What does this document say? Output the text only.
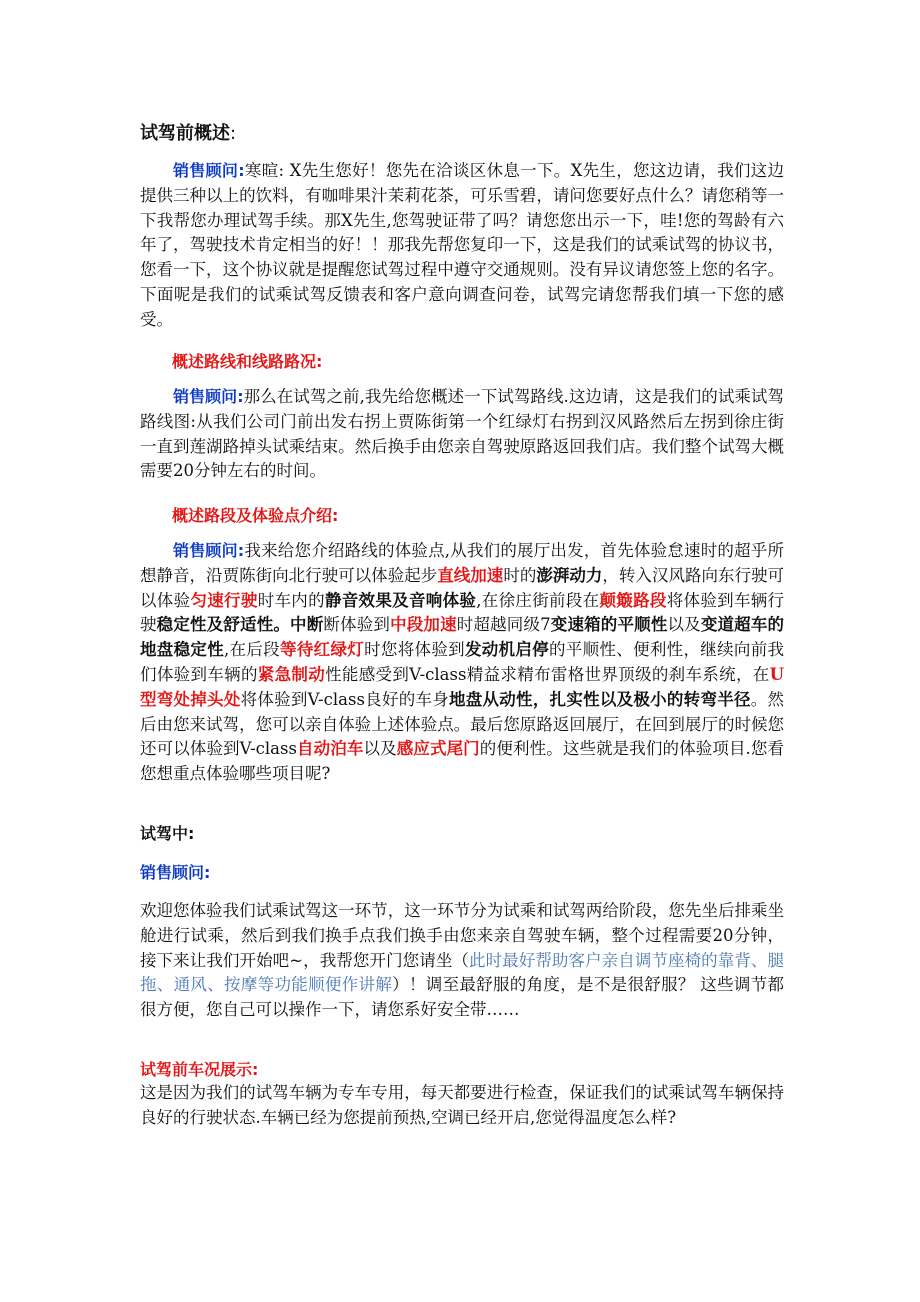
试驾前概述:

销售顾问:寒暄: X先生您好！您先在洽谈区休息一下。X先生，您这边请，我们这边提供三种以上的饮料，有咖啡果汁茉莉花茶，可乐雪碧，请问您要好点什么？请您稍等一下我帮您办理试驾手续。那X先生,您驾驶证带了吗？请您您出示一下，哇!您的驾龄有六年了，驾驶技术肯定相当的好！！那我先帮您复印一下，这是我们的试乘试驾的协议书，您看一下，这个协议就是提醒您试驾过程中遵守交通规则。没有异议请您签上您的名字。下面呢是我们的试乘试驾反馈表和客户意向调查问卷，试驾完请您帮我们填一下您的感受。

概述路线和线路路况:

销售顾问:那么在试驾之前,我先给您概述一下试驾路线.这边请，这是我们的试乘试驾路线图:从我们公司门前出发右拐上贾陈街第一个红绿灯右拐到汉风路然后左拐到徐庄街一直到莲湖路掉头试乘结束。然后换手由您亲自驾驶原路返回我们店。我们整个试驾大概需要20分钟左右的时间。

概述路段及体验点介绍:

销售顾问:我来给您介绍路线的体验点,从我们的展厅出发，首先体验怠速时的超乎所想静音，沿贾陈街向北行驶可以体验起步直线加速时的澎湃动力，转入汉风路向东行驶可以体验匀速行驶时车内的静音效果及音响体验,在徐庄街前段在颠簸路段将体验到车辆行驶稳定性及舒适性。中断断体验到中段加速时超越同级7变速箱的平顺性以及变道超车的地盘稳定性,在后段等待红绿灯时您将体验到发动机启停的平顺性、便利性，继续向前我们体验到车辆的紧急制动性能感受到V-class精益求精布雷格世界顶级的刹车系统，在U型弯处掉头处将体验到V-class良好的车身地盘从动性，扎实性以及极小的转弯半径。然后由您来试驾，您可以亲自体验上述体验点。最后您原路返回展厅，在回到展厅的时候您还可以体验到V-class自动泊车以及感应式尾门的便利性。这些就是我们的体验项目.您看您想重点体验哪些项目呢?

试驾中:
销售顾问:

欢迎您体验我们试乘试驾这一环节，这一环节分为试乘和试驾两给阶段，您先坐后排乘坐舱进行试乘，然后到我们换手点我们换手由您来亲自驾驶车辆，整个过程需要20分钟，接下来让我们开始吧~，我帮您开门您请坐（此时最好帮助客户亲自调节座椅的靠背、腿拖、通风、按摩等功能顺便作讲解）！调至最舒服的角度，是不是很舒服？ 这些调节都很方便，您自己可以操作一下，请您系好安全带……

试驾前车况展示:

这是因为我们的试驾车辆为专车专用，每天都要进行检查，保证我们的试乘试驾车辆保持良好的行驶状态.车辆已经为您提前预热,空调已经开启,您觉得温度怎么样?
